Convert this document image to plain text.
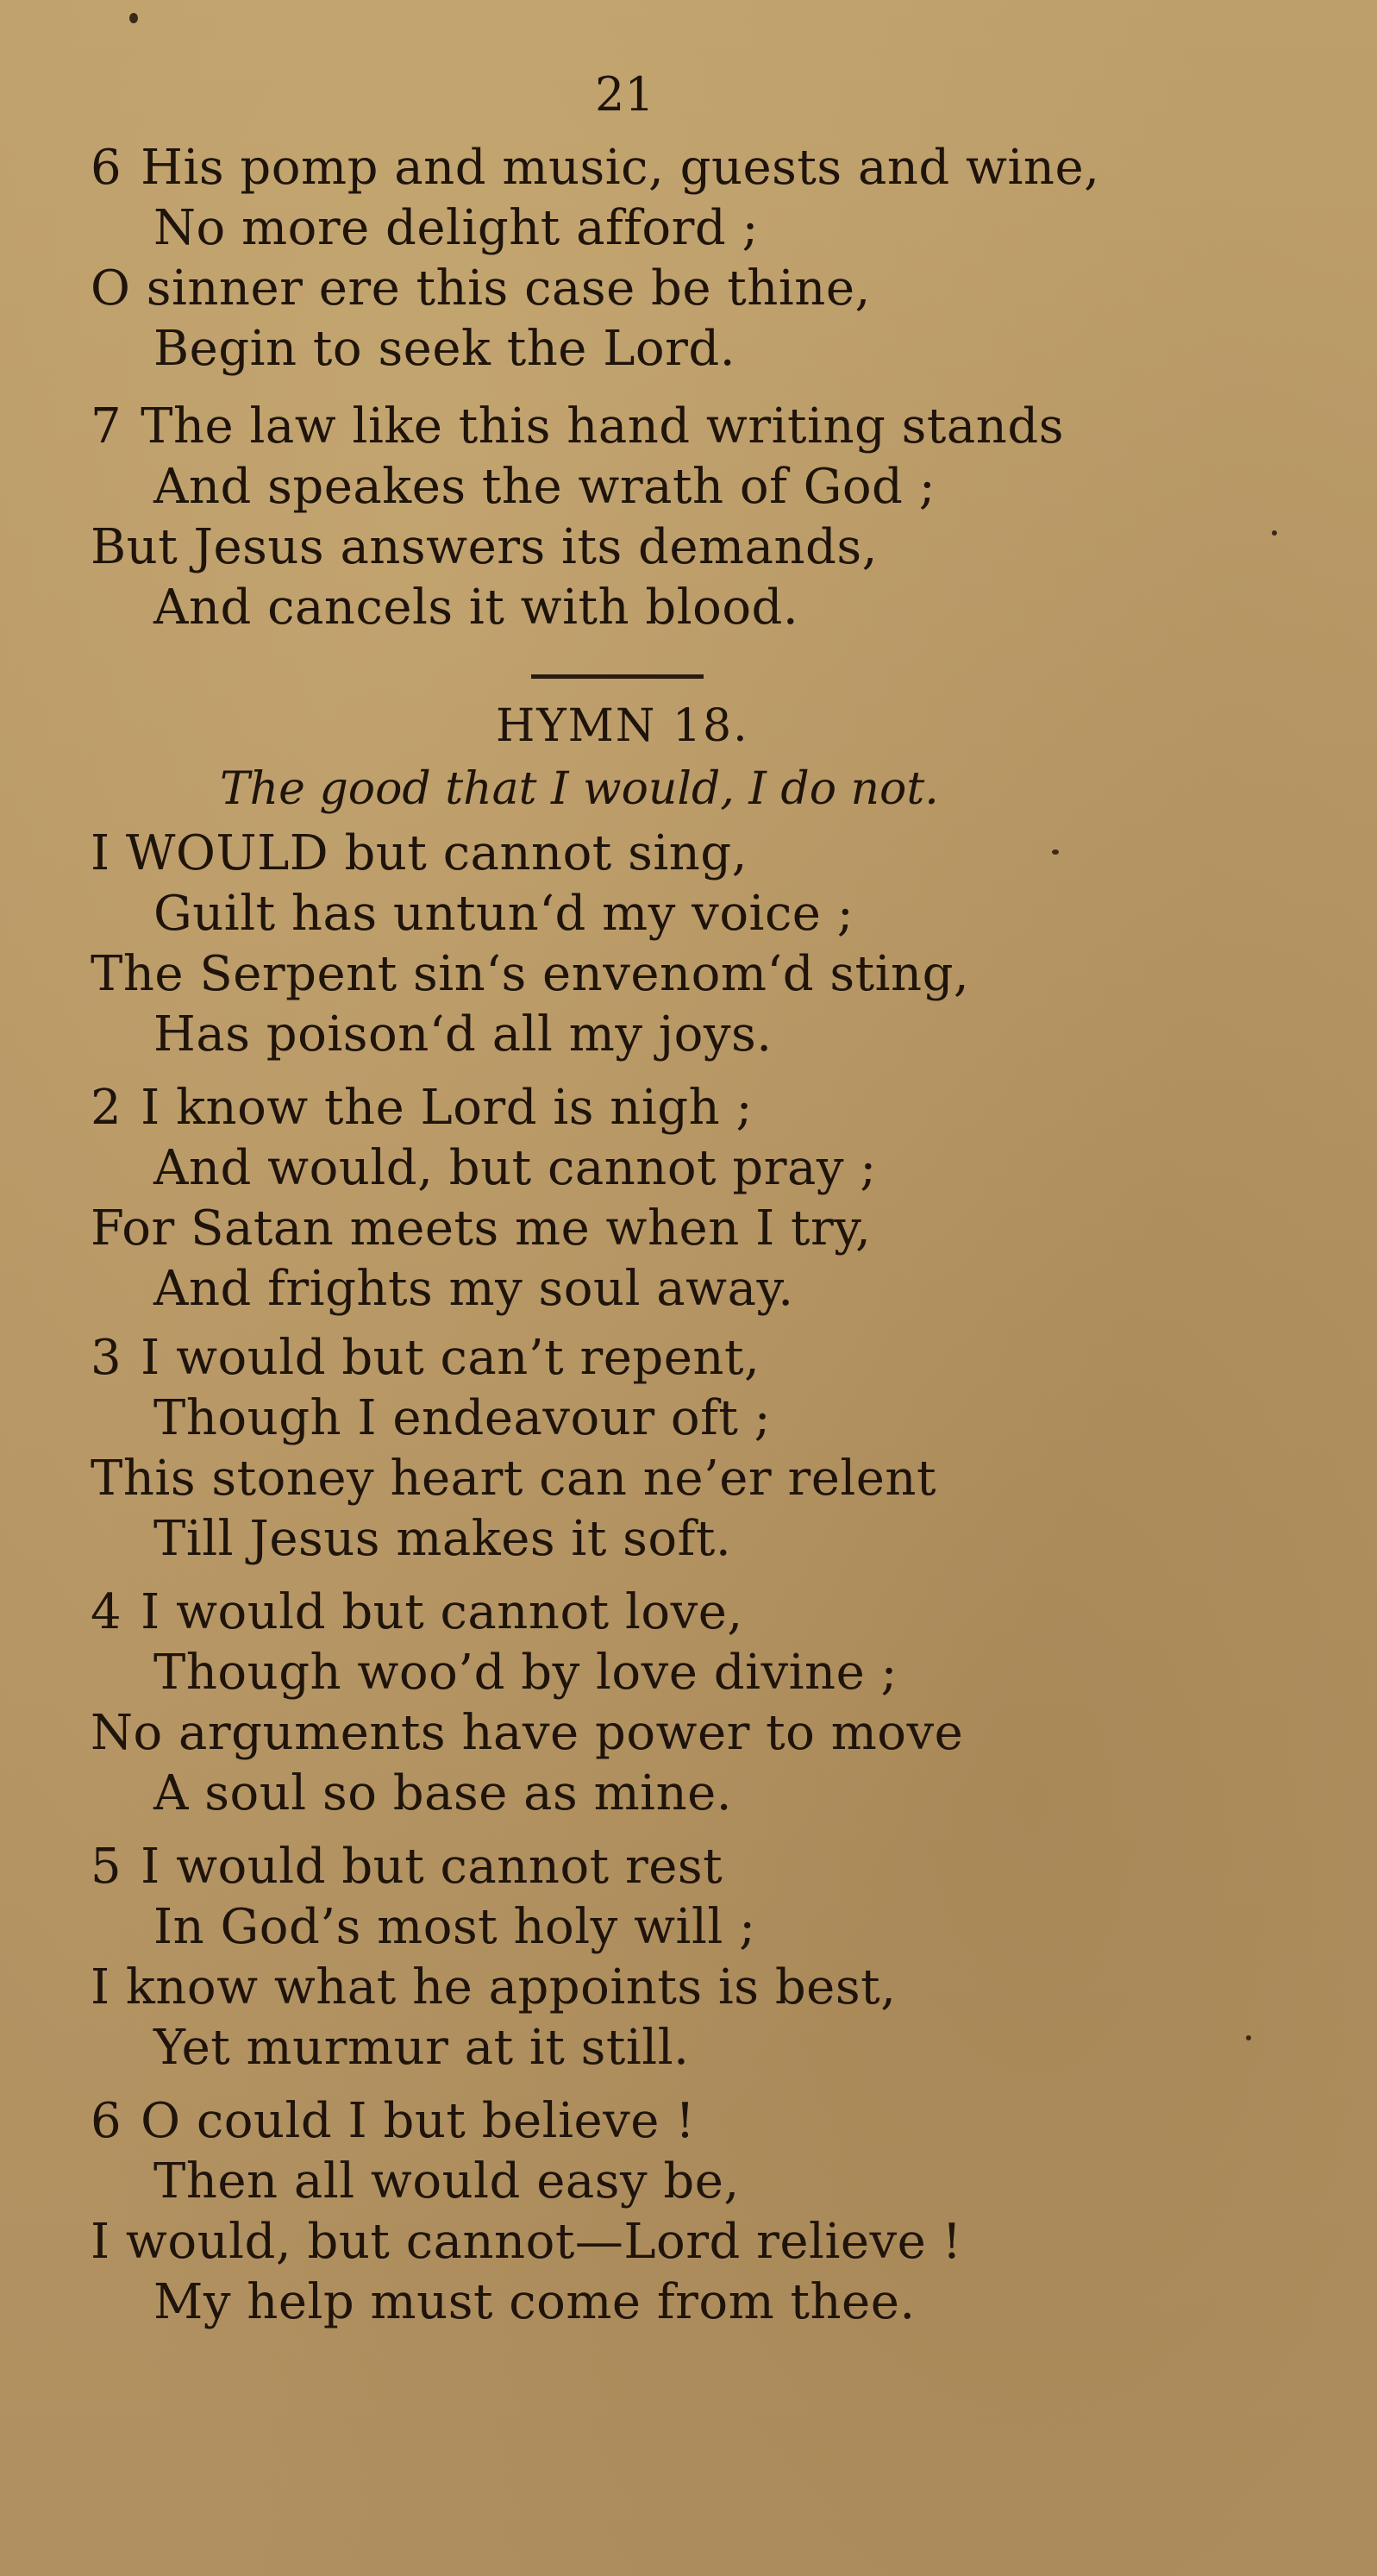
21
6 His pomp and music, guests and wine,
No more delight afford ;
O sinner ere this case be thine,
Begin to seek the Lord.
7 The law like this hand writing stands
And speakes the wrath of God ;
But Jesus answers its demands,
And cancels it with blood.
HYMN 18.
The good that I would, I do not.
I WOULD but cannot sing,
Guilt has untun‘d my voice ;
The Serpent sin‘s envenom‘d sting,
Has poison‘d all my joys.
2 I know the Lord is nigh ;
And would, but cannot pray ;
For Satan meets me when I try,
And frights my soul away.
3 I would but can’t repent,
Though I endeavour oft ;
This stoney heart can ne’er relent
Till Jesus makes it soft.
4 I would but cannot love,
Though woo’d by love divine ;
No arguments have power to move
A soul so base as mine.
5 I would but cannot rest
In God’s most holy will ;
I know what he appoints is best,
Yet murmur at it still.
6 O could I but believe !
Then all would easy be,
I would, but cannot—Lord relieve !
My help must come from thee.
